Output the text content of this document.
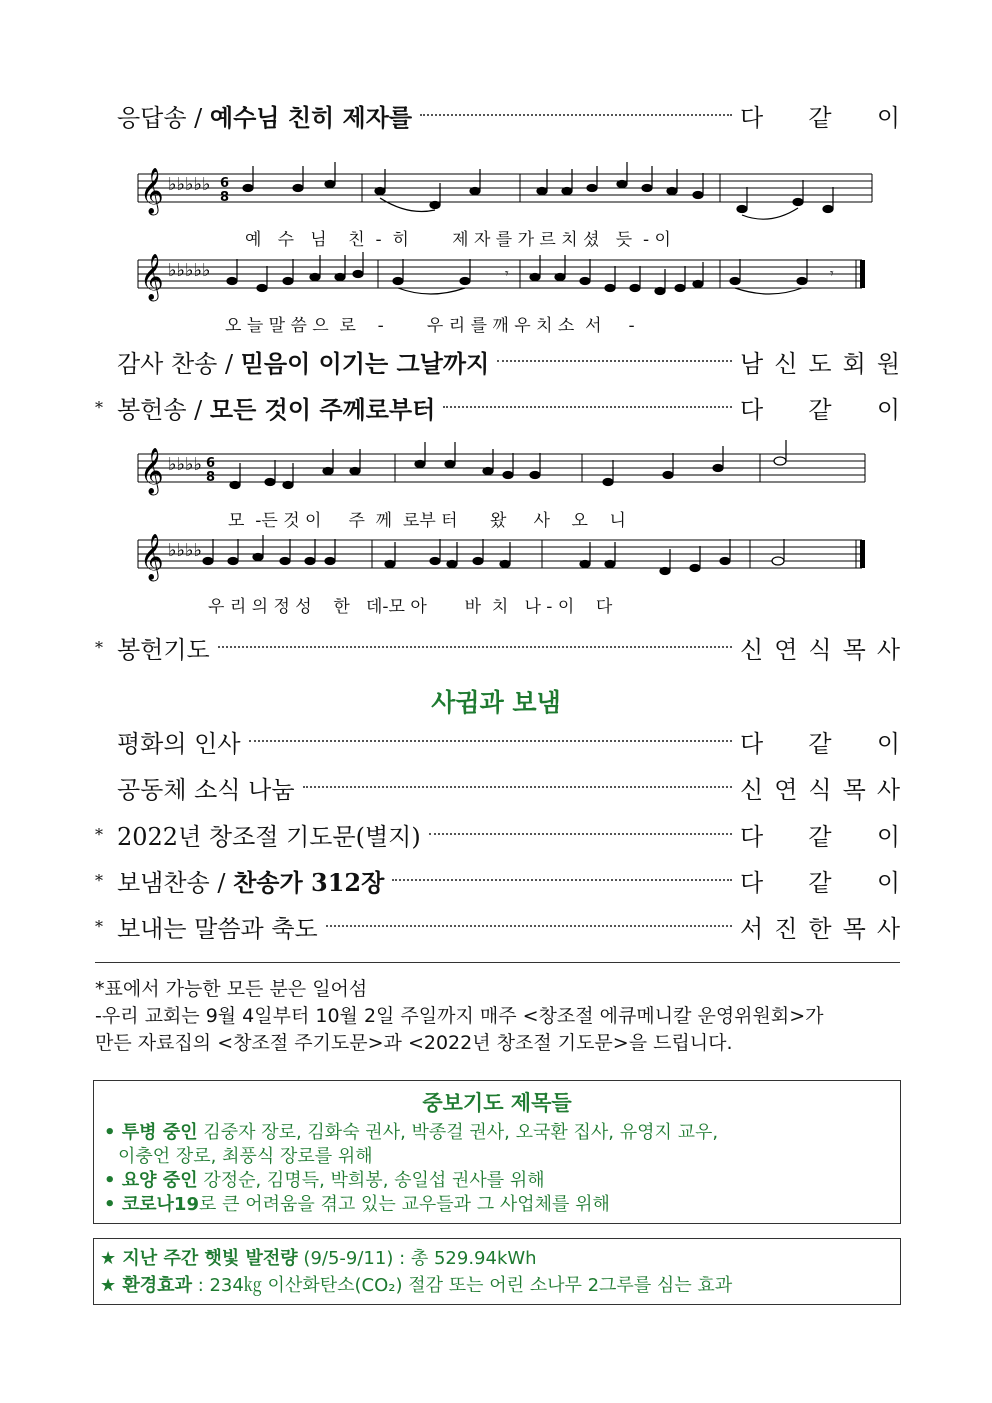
응답송 / 예수님 친히 제자를	다 같 이
𝄞
𝄞
♭♭♭♭♭
♭♭♭♭♭
6
8
𝄾
𝄾
예   수   님    친  -  히        제 자 를 가 르 치 셨   듯  - 이
오 늘 말 씀 으  로    -        우 리 를 깨 우 치 소  서     -
감사 찬송 / 믿음이 이기는 그날까지	남 신 도 회 원
* 봉헌송 / 모든 것이 주께로부터	다 같 이
𝄞
𝄞
♭♭♭♭
♭♭♭♭
6
8
모  -든 것 이     주  께  로부 터      왔     사    오    니
우 리 의 정 성    한   데-모 아       바  치   나 - 이    다
* 봉헌기도	신 연 식 목 사
사귐과 보냄
평화의 인사	다 같 이
공동체 소식 나눔	신 연 식 목 사
* 2022년 창조절 기도문(별지)	다 같 이
* 보냄찬송 / 찬송가 312장	다 같 이
* 보내는 말씀과 축도	서 진 한 목 사
*표에서 가능한 모든 분은 일어섬
-우리 교회는 9월 4일부터 10월 2일 주일까지 매주 <창조절 에큐메니칼 운영위원회>가
만든 자료집의 <창조절 주기도문>과 <2022년 창조절 기도문>을 드립니다.
중보기도 제목들
• 투병 중인 김중자 장로, 김화숙 권사, 박종걸 권사, 오국환 집사, 유영지 교우,
이충언 장로, 최풍식 장로를 위해
• 요양 중인 강정순, 김명득, 박희봉, 송일섭 권사를 위해
• 코로나19로 큰 어려움을 겪고 있는 교우들과 그 사업체를 위해
★ 지난 주간 햇빛 발전량 (9/5-9/11) : 총 529.94kWh
★ 환경효과 : 234㎏ 이산화탄소(CO₂) 절감 또는 어린 소나무 2그루를 심는 효과
